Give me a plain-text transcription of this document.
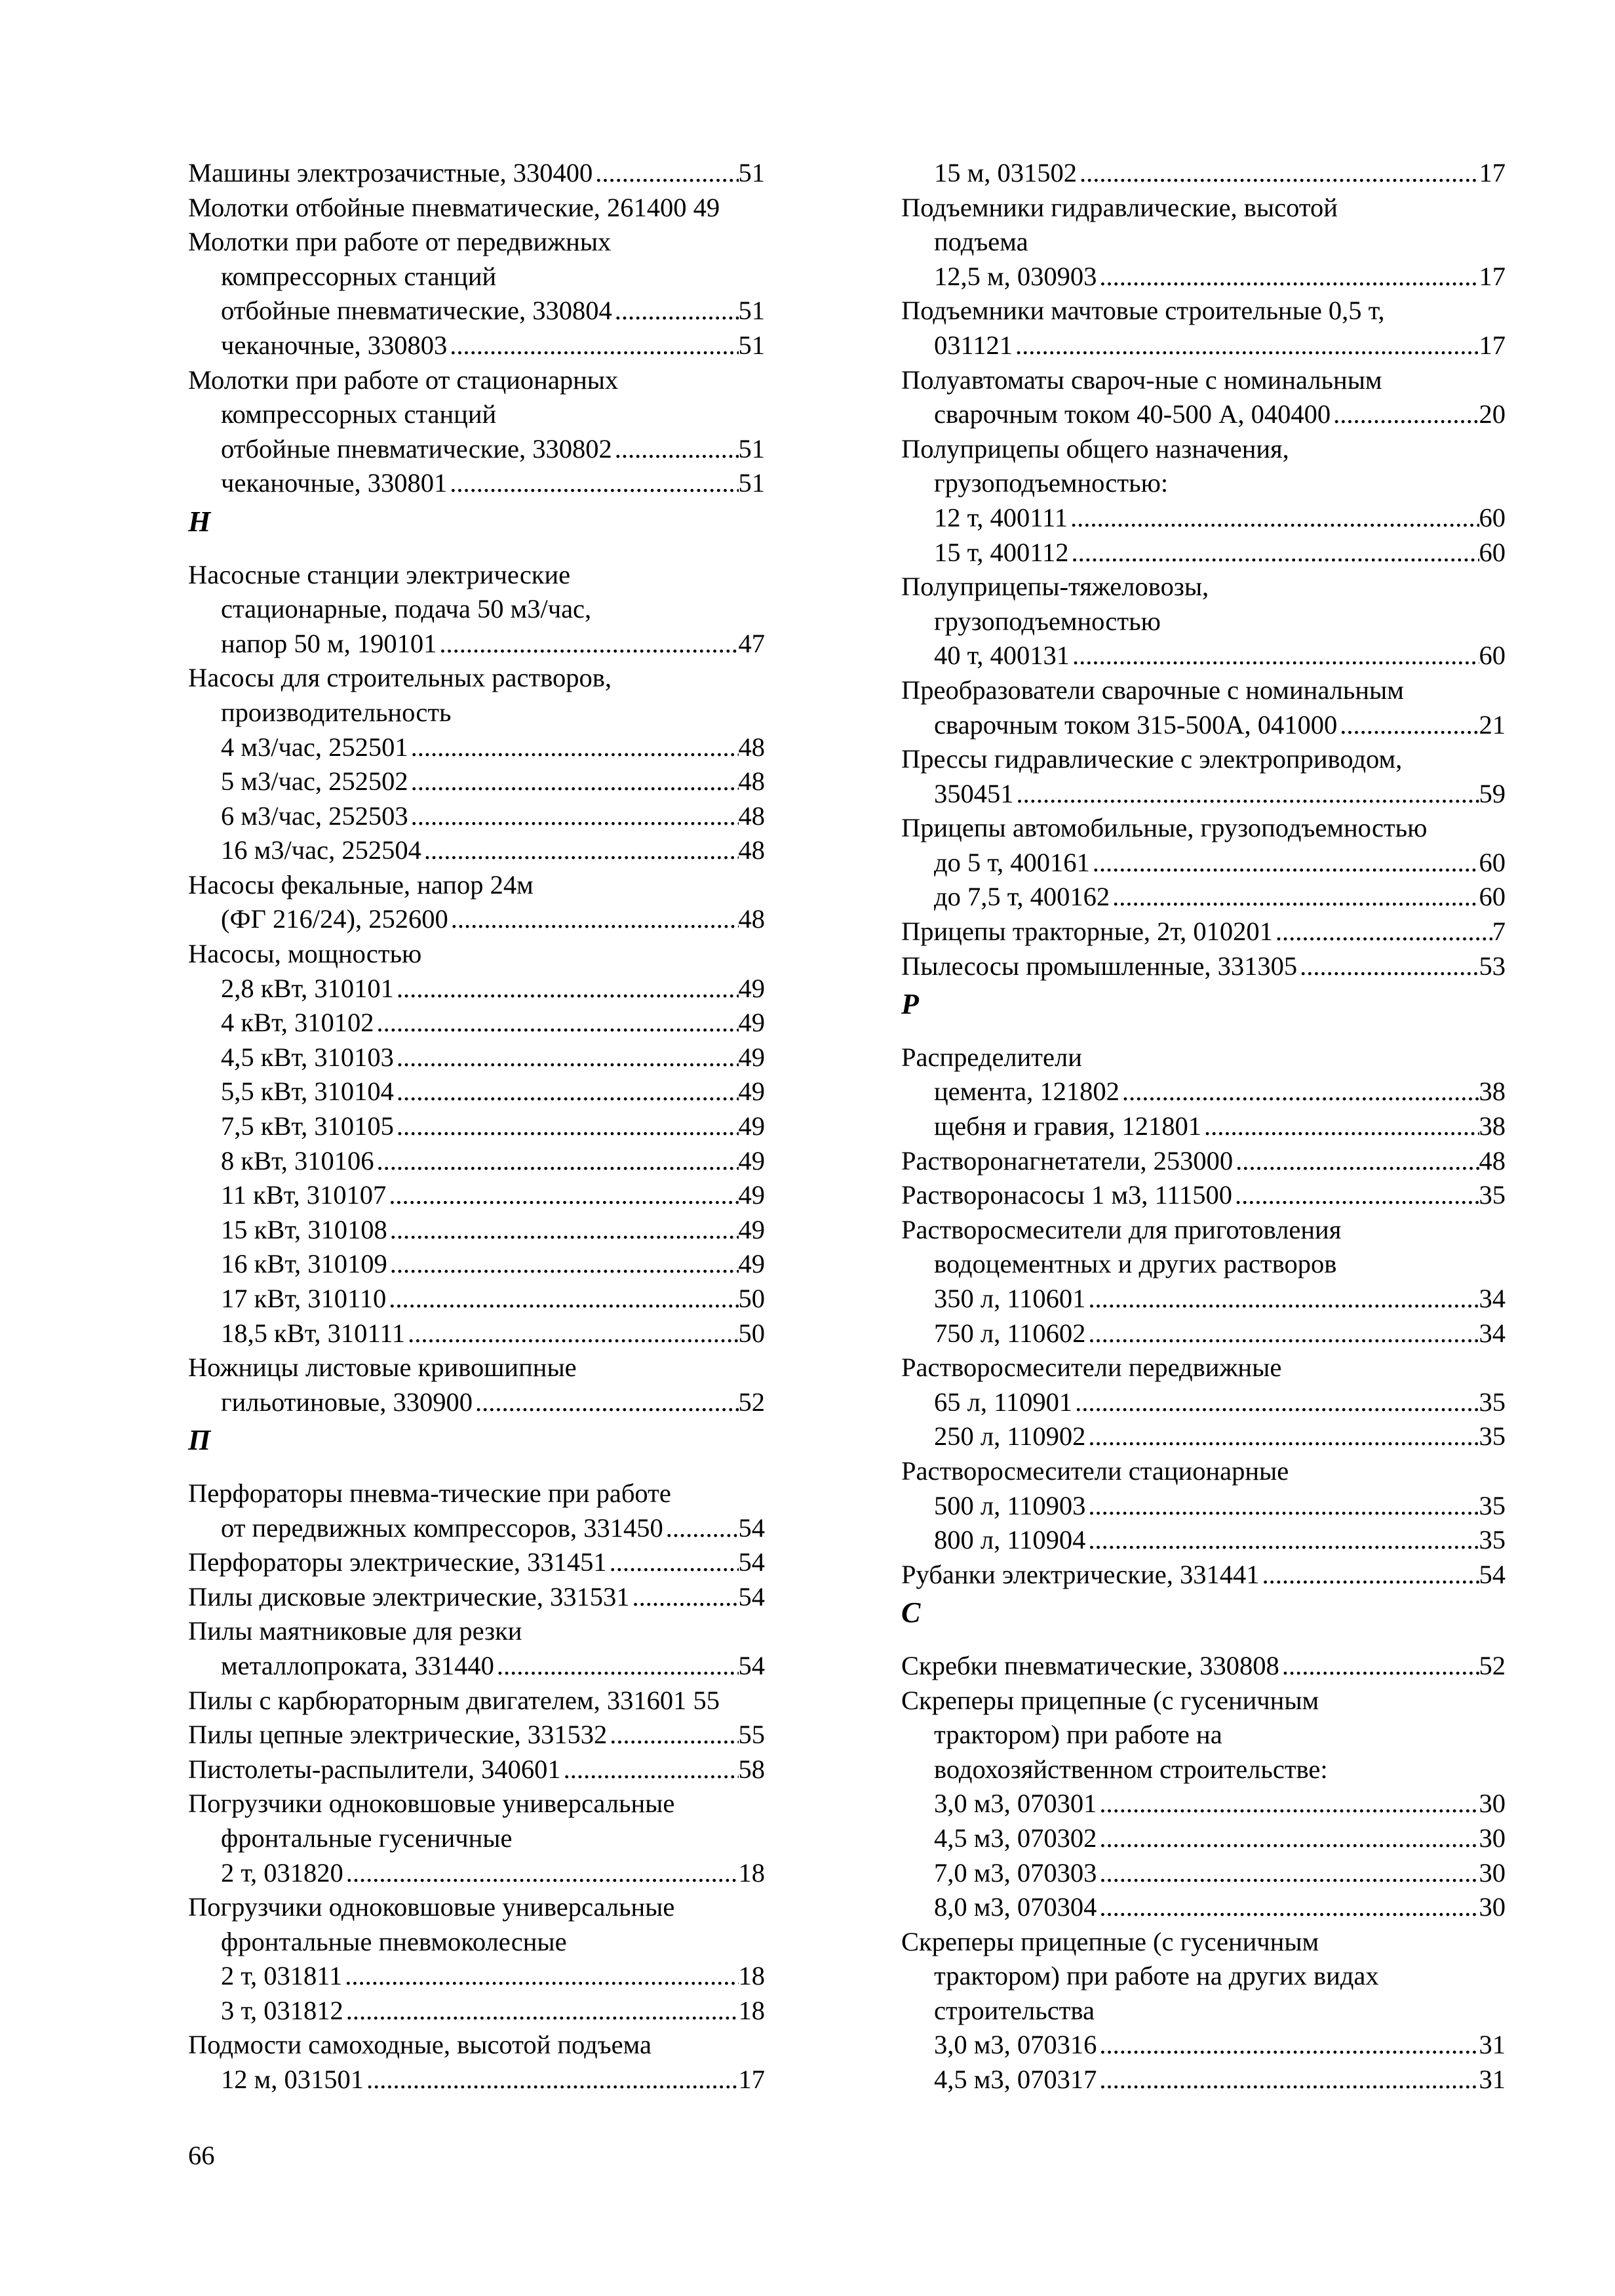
Машины электрозачистные, 330400 .....	51
Молотки отбойные пневматические, 261400 49
Молотки при работе от передвижных
компрессорных станций
отбойные пневматические, 330804 .....	51
чеканочные, 330803 .....	51
Молотки при работе от стационарных
компрессорных станций
отбойные пневматические, 330802 .....	51
чеканочные, 330801 .....	51
Н
Насосные станции электрические
стационарные, подача 50 м3/час,
напор 50 м, 190101 .....	47
Насосы для строительных растворов,
производительность
4 м3/час, 252501 .....	48
5 м3/час, 252502 .....	48
6 м3/час, 252503 .....	48
16 м3/час, 252504 .....	48
Насосы фекальные, напор 24м
(ФГ 216/24), 252600 .....	48
Насосы, мощностью
2,8 кВт, 310101 .....	49
4 кВт, 310102 .....	49
4,5 кВт, 310103 .....	49
5,5 кВт, 310104 .....	49
7,5 кВт, 310105 .....	49
8 кВт, 310106 .....	49
11 кВт, 310107 .....	49
15 кВт, 310108 .....	49
16 кВт, 310109 .....	49
17 кВт, 310110 .....	50
18,5 кВт, 310111 .....	50
Ножницы листовые кривошипные
гильотиновые, 330900 .....	52
П
Перфораторы пневма-тические при работе
от передвижных компрессоров, 331450 .....	54
Перфораторы электрические, 331451 .....	54
Пилы дисковые электрические, 331531 .....	54
Пилы маятниковые для резки
металлопроката, 331440 .....	54
Пилы с карбюраторным двигателем, 331601 55
Пилы цепные электрические, 331532 .....	55
Пистолеты-распылители, 340601 .....	58
Погрузчики одноковшовые универсальные
фронтальные гусеничные
2 т, 031820 .....	18
Погрузчики одноковшовые универсальные
фронтальные пневмоколесные
2 т, 031811 .....	18
3 т, 031812 .....	18
Подмости самоходные, высотой подъема
12 м, 031501 .....	17
15 м, 031502 .....	17
Подъемники гидравлические, высотой
подъема
12,5 м, 030903 .....	17
Подъемники мачтовые строительные 0,5 т,
031121 .....	17
Полуавтоматы свароч-ные с номинальным
сварочным током 40-500 А, 040400 .....	20
Полуприцепы общего назначения,
грузоподъемностью:
12 т, 400111 .....	60
15 т, 400112 .....	60
Полуприцепы-тяжеловозы,
грузоподъемностью
40 т, 400131 .....	60
Преобразователи сварочные с номинальным
сварочным током 315-500А, 041000 .....	21
Прессы гидравлические с электроприводом,
350451 .....	59
Прицепы автомобильные, грузоподъемностью
до 5 т, 400161 .....	60
до 7,5 т, 400162 .....	60
Прицепы тракторные, 2т, 010201 .....	7
Пылесосы промышленные, 331305 .....	53
Р
Распределители
цемента, 121802 .....	38
щебня и гравия, 121801 .....	38
Растворонагнетатели, 253000 .....	48
Растворонасосы 1 м3, 111500 .....	35
Растворосмесители для приготовления
водоцементных и других растворов
350 л, 110601 .....	34
750 л, 110602 .....	34
Растворосмесители передвижные
65 л, 110901 .....	35
250 л, 110902 .....	35
Растворосмесители стационарные
500 л, 110903 .....	35
800 л, 110904 .....	35
Рубанки электрические, 331441 .....	54
С
Скребки пневматические, 330808 .....	52
Скреперы прицепные (с гусеничным
трактором) при работе на
водохозяйственном строительстве:
3,0 м3, 070301 .....	30
4,5 м3, 070302 .....	30
7,0 м3, 070303 .....	30
8,0 м3, 070304 .....	30
Скреперы прицепные (с гусеничным
трактором) при работе на других видах
строительства
3,0 м3, 070316 .....	31
4,5 м3, 070317 .....	31
66
